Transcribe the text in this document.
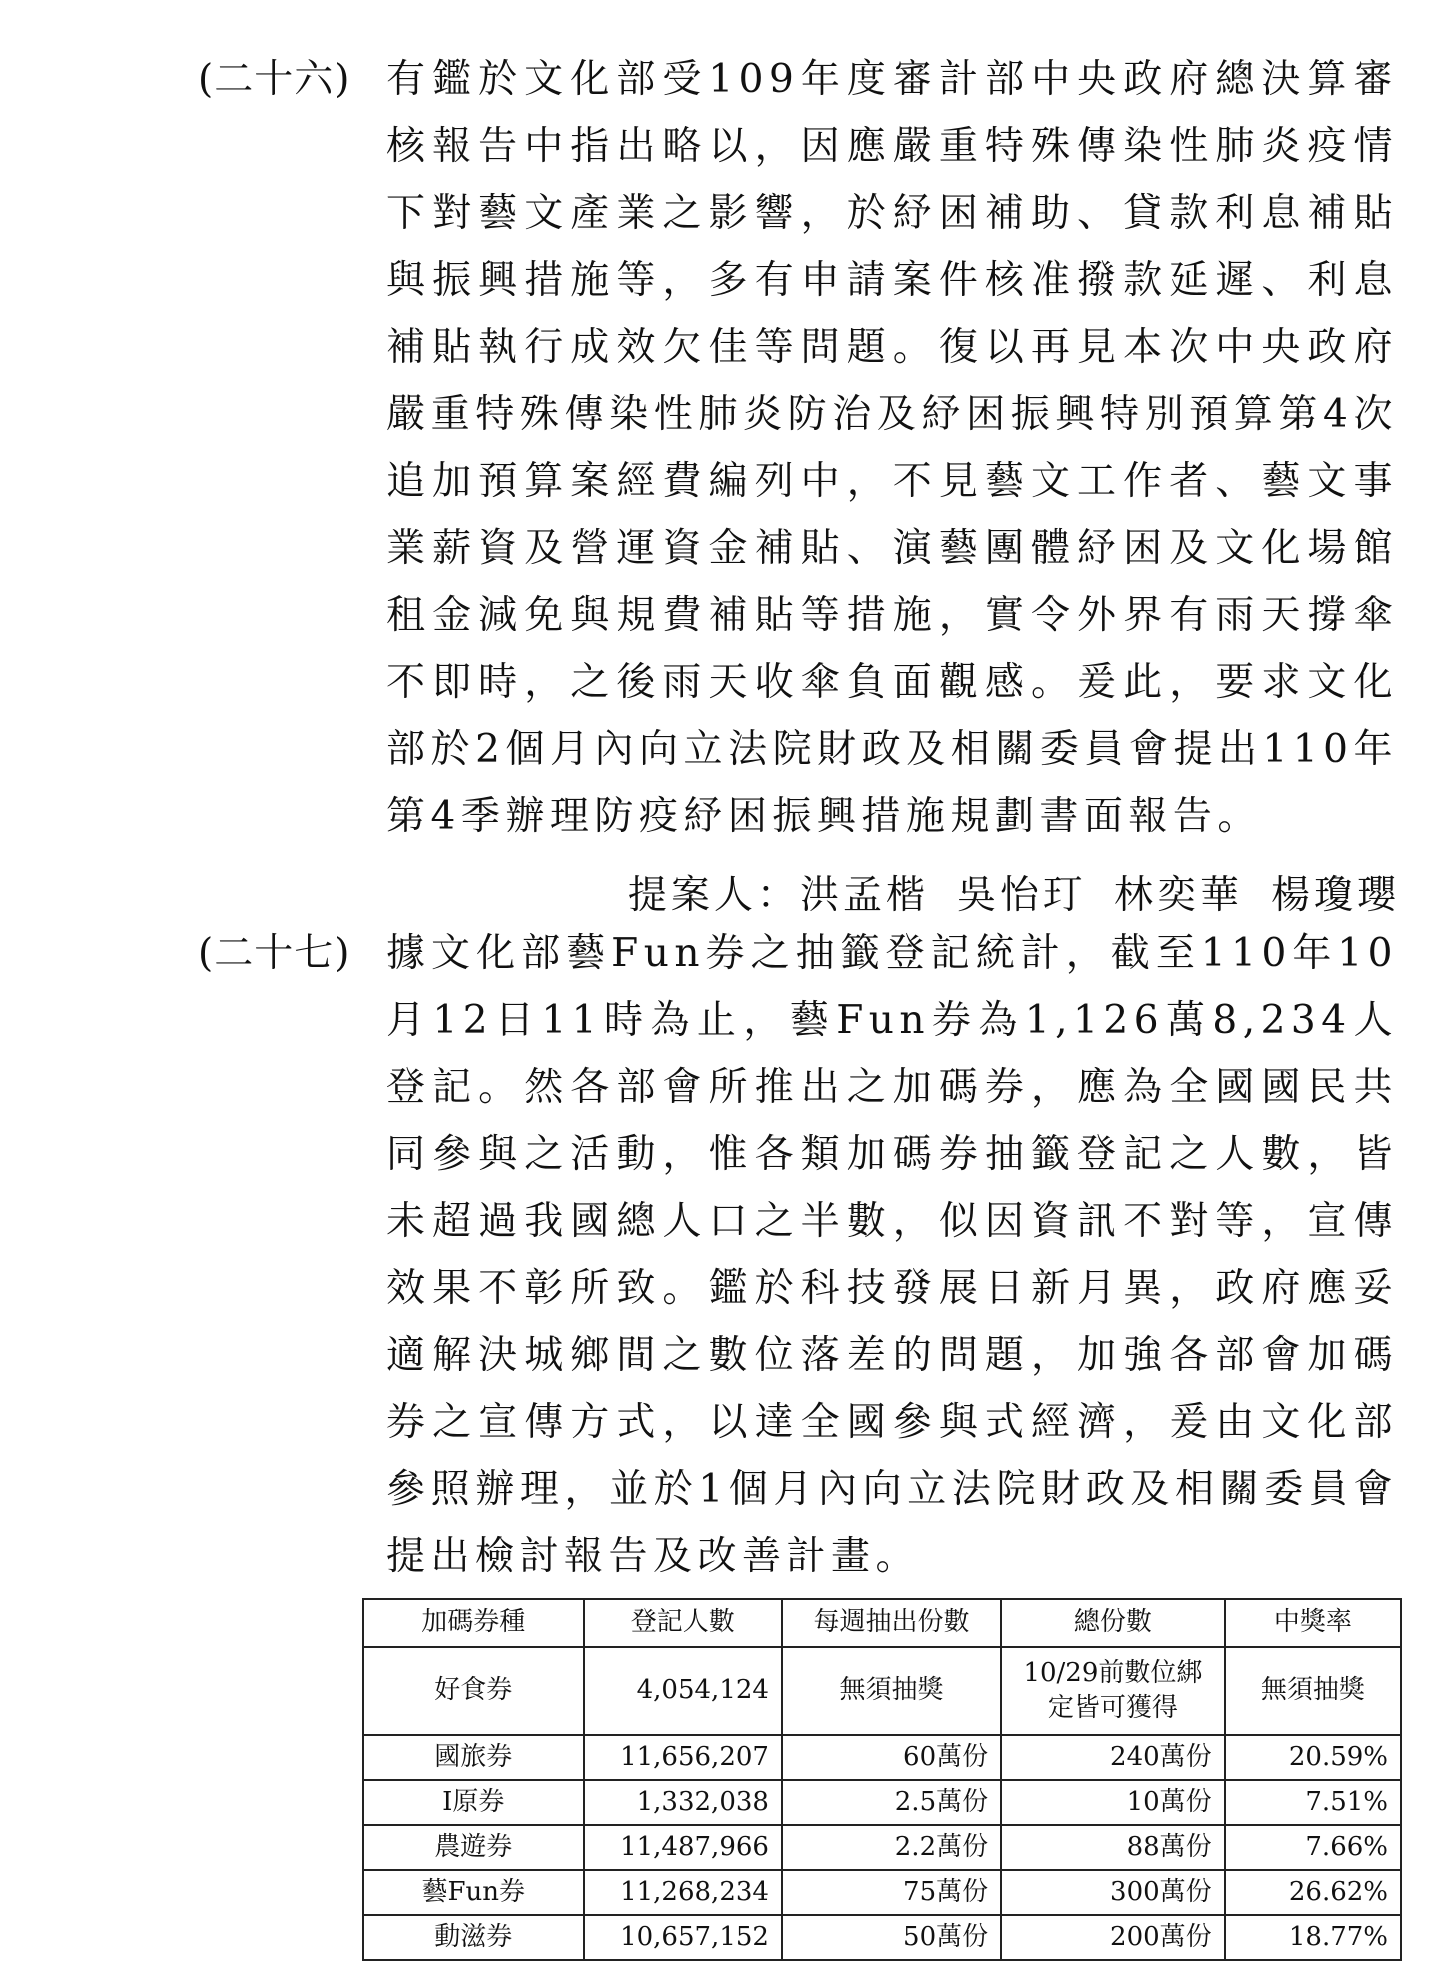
(二十六) 有鑑於文化部受109年度審計部中央政府總決算審核報告中指出略以，因應嚴重特殊傳染性肺炎疫情下對藝文產業之影響，於紓困補助、貸款利息補貼與振興措施等，多有申請案件核准撥款延遲、利息補貼執行成效欠佳等問題。復以再見本次中央政府嚴重特殊傳染性肺炎防治及紓困振興特別預算第4次追加預算案經費編列中，不見藝文工作者、藝文事業薪資及營運資金補貼、演藝團體紓困及文化場館租金減免與規費補貼等措施，實令外界有雨天撐傘不即時，之後雨天收傘負面觀感。爰此，要求文化部於2個月內向立法院財政及相關委員會提出110年第4季辦理防疫紓困振興措施規劃書面報告。
提案人：洪孟楷 吳怡玎 林奕華 楊瓊瓔
(二十七) 據文化部藝Fun券之抽籤登記統計，截至110年10月12日11時為止，藝Fun券為1,126萬8,234人登記。然各部會所推出之加碼券，應為全國國民共同參與之活動，惟各類加碼券抽籤登記之人數，皆未超過我國總人口之半數，似因資訊不對等，宣傳效果不彰所致。鑑於科技發展日新月異，政府應妥適解決城鄉間之數位落差的問題，加強各部會加碼券之宣傳方式，以達全國參與式經濟，爰由文化部參照辦理，並於1個月內向立法院財政及相關委員會提出檢討報告及改善計畫。
加碼券種	登記人數	每週抽出份數	總份數	中獎率
好食券	4,054,124	無須抽獎	10/29前數位綁定皆可獲得	無須抽獎
國旅券	11,656,207	60萬份	240萬份	20.59%
I原券	1,332,038	2.5萬份	10萬份	7.51%
農遊券	11,487,966	2.2萬份	88萬份	7.66%
藝Fun券	11,268,234	75萬份	300萬份	26.62%
動滋券	10,657,152	50萬份	200萬份	18.77%
